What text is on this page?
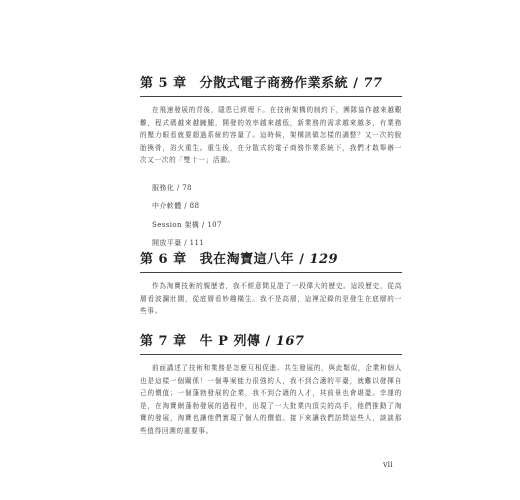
第 5 章 分散式電子商務作業系統 / 77

在飛速發展的背後，隱患已經埋下。在技術架構的制約下，團隊協作越來越艱難，程式碼越來越臃腫，開發的效率越來越低，新業務的需求越來越多，有業務的壓力眼看就要超過系統的容量了。這時候，架構該做怎樣的調整？又一次的脫胎換骨，浴火重生。重生後，在分散式的電子商務作業系統下，我們才敢舉辦一次又一次的「雙十一」活動。

服務化 / 78
中介軟體 / 88
Session 架構 / 107
開放平臺 / 111
第 6 章 我在淘寶這八年 / 129

作為淘寶技術的親歷者，我不經意間見證了一段偉大的歷史。這段歷史，從高層看波瀾壯闊，從底層看妙趣橫生。我不是高層，這裡記錄的是發生在底層的一些事。

第 7 章 牛 P 列傳 / 167

前面講述了技術和業務是怎麼互相促進、共生發展的，與此類似，企業和個人也是這樣一個關係！一個專案能力很強的人，我不到合適的平臺，就難以發揮自己的價值；一個蓬勃發展的企業，我不到合適的人才，其前景也會堪憂。幸運的是，在淘寶網蓬勃發展的過程中，出現了一大批業內頂尖的高手，他們推動了淘寶的發展，淘寶也讓他們實現了個人的價值。接下來讓我們訪問這些人，談談那些值得回溯的重要事。

vii
